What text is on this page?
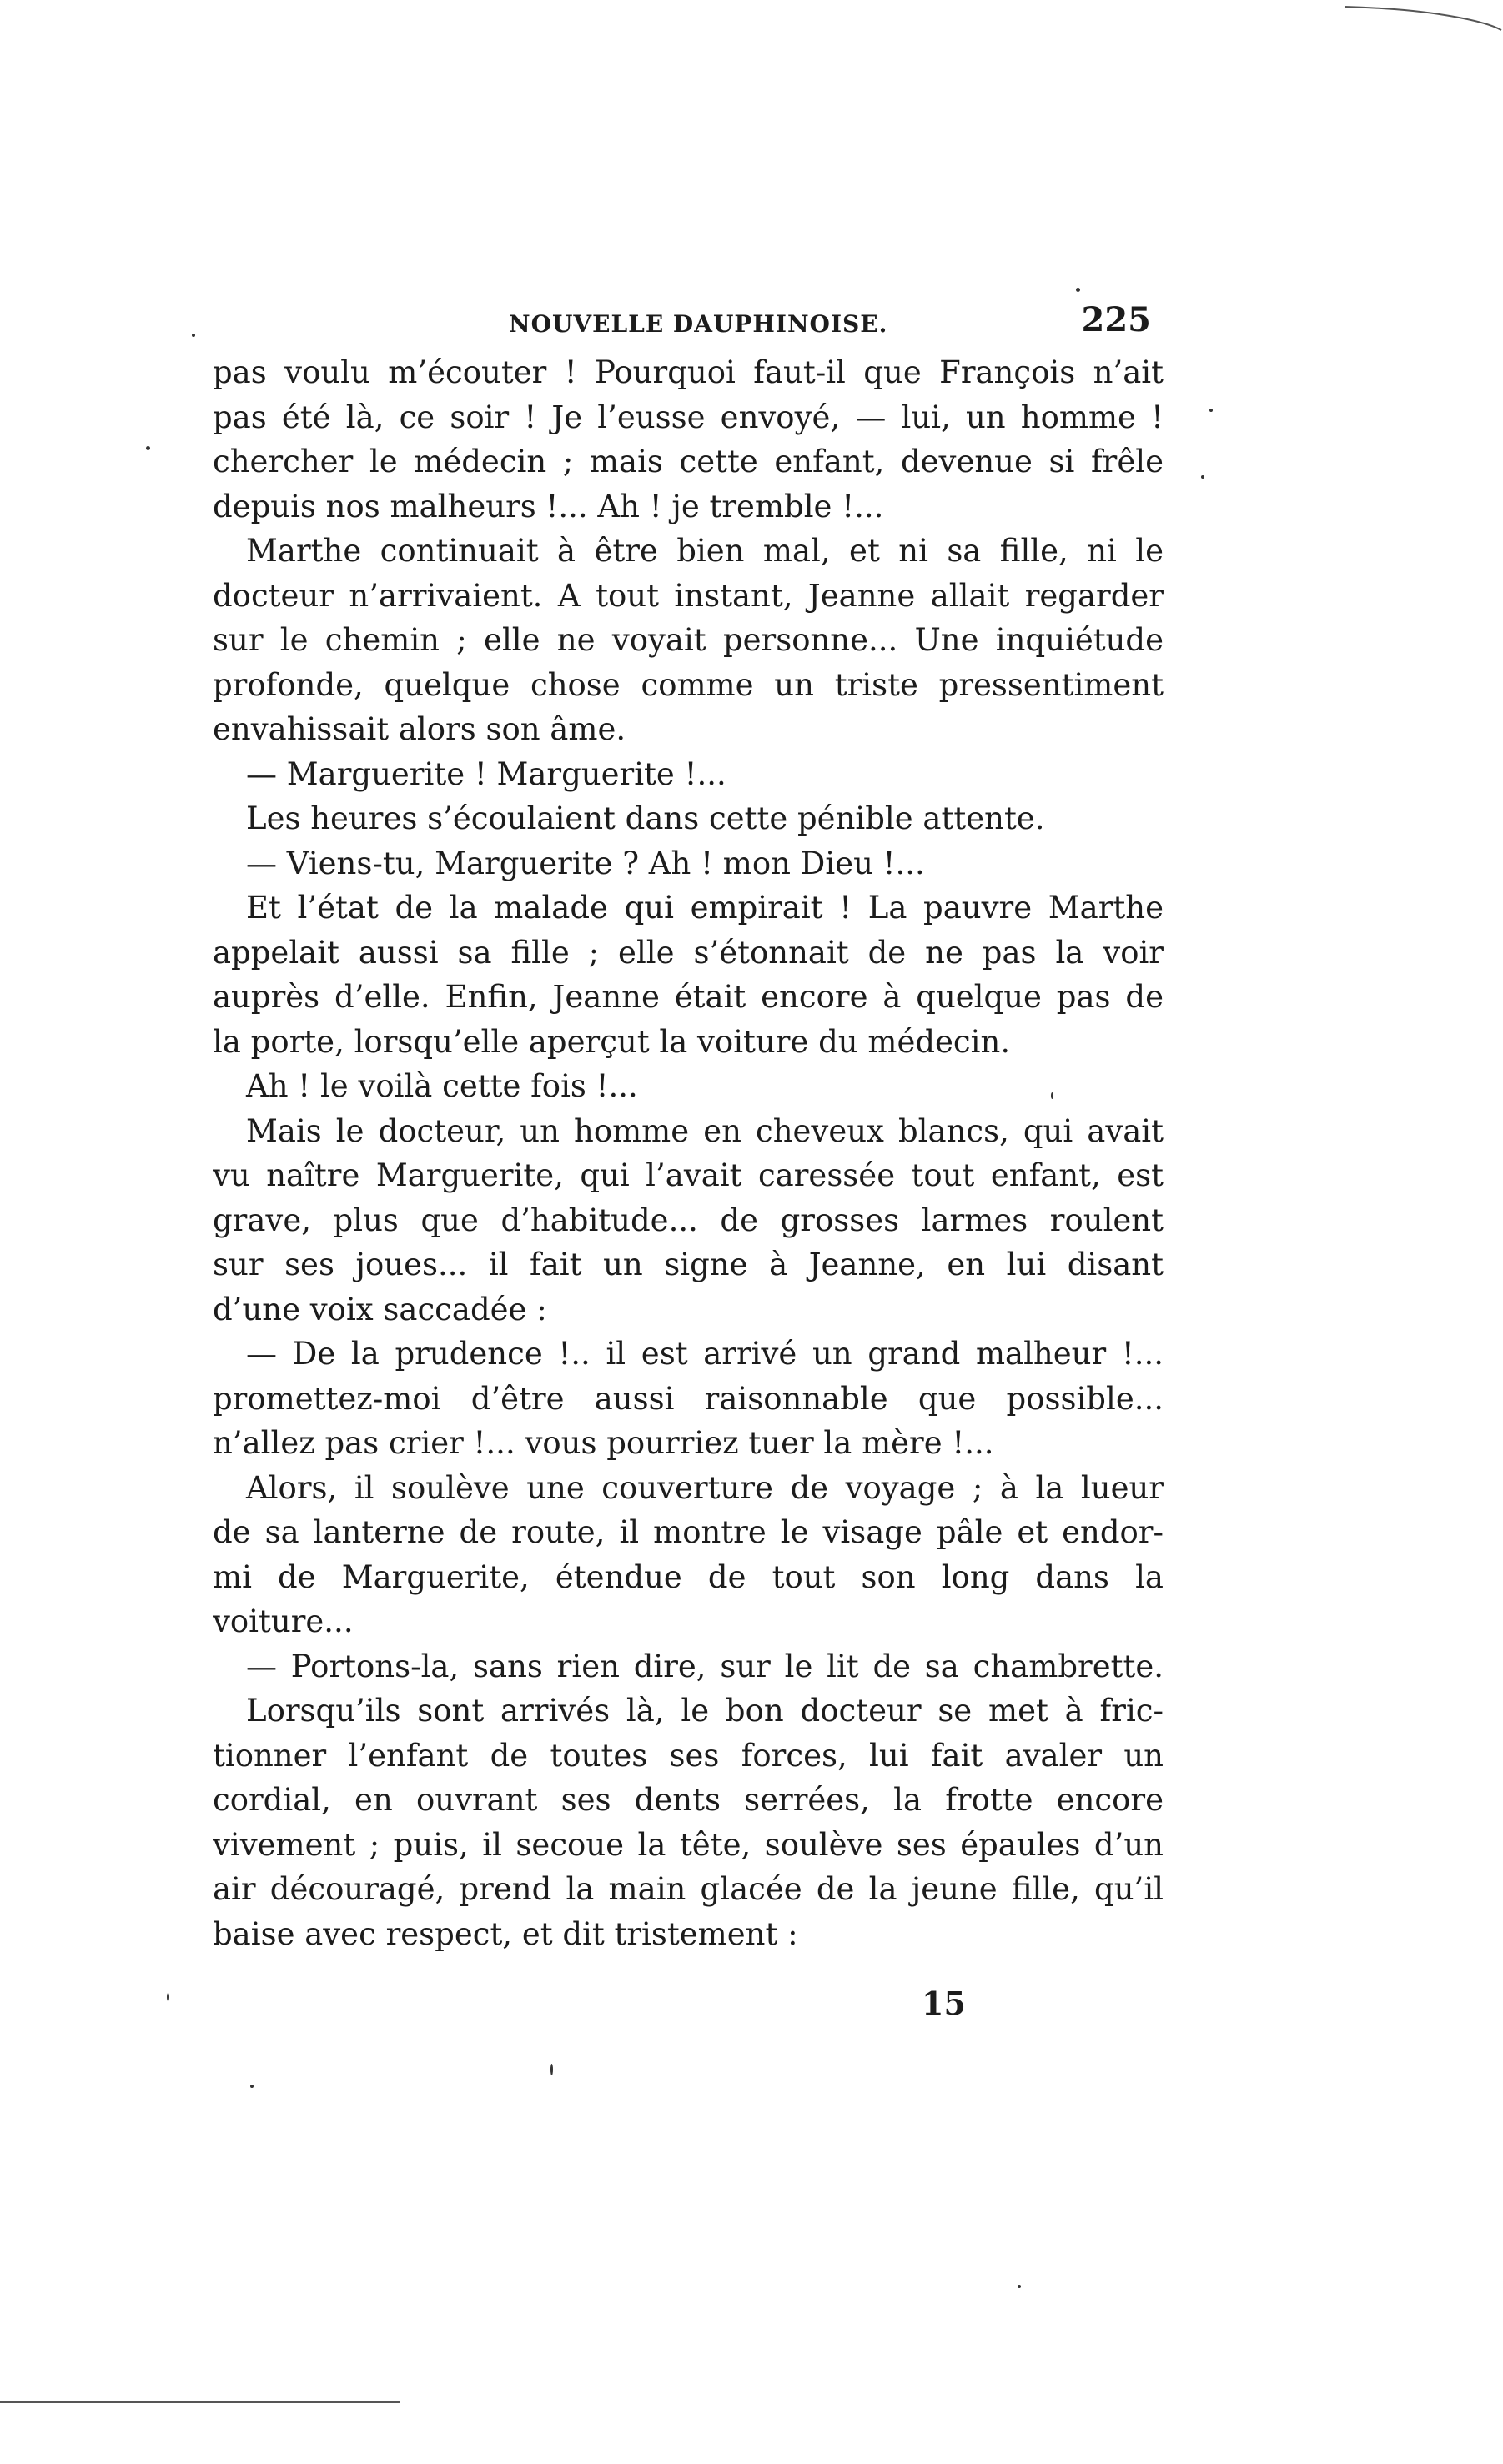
NOUVELLE DAUPHINOISE.	225
pas voulu m’écouter ! Pourquoi faut-il que François n’ait
pas été là, ce soir ! Je l’eusse envoyé, — lui, un homme !
chercher le médecin ; mais cette enfant, devenue si frêle
depuis nos malheurs !... Ah ! je tremble !...
Marthe continuait à être bien mal, et ni sa fille, ni le
docteur n’arrivaient. A tout instant, Jeanne allait regarder
sur le chemin ; elle ne voyait personne... Une inquiétude
profonde, quelque chose comme un triste pressentiment
envahissait alors son âme.
— Marguerite ! Marguerite !...
Les heures s’écoulaient dans cette pénible attente.
— Viens-tu, Marguerite ? Ah ! mon Dieu !...
Et l’état de la malade qui empirait ! La pauvre Marthe
appelait aussi sa fille ; elle s’étonnait de ne pas la voir
auprès d’elle. Enfin, Jeanne était encore à quelque pas de
la porte, lorsqu’elle aperçut la voiture du médecin.
Ah ! le voilà cette fois !...
Mais le docteur, un homme en cheveux blancs, qui avait
vu naître Marguerite, qui l’avait caressée tout enfant, est
grave, plus que d’habitude... de grosses larmes roulent
sur ses joues... il fait un signe à Jeanne, en lui disant
d’une voix saccadée :
— De la prudence !.. il est arrivé un grand malheur !...
promettez-moi d’être aussi raisonnable que possible...
n’allez pas crier !... vous pourriez tuer la mère !...
Alors, il soulève une couverture de voyage ; à la lueur
de sa lanterne de route, il montre le visage pâle et endor-
mi de Marguerite, étendue de tout son long dans la
voiture...
— Portons-la, sans rien dire, sur le lit de sa chambrette.
Lorsqu’ils sont arrivés là, le bon docteur se met à fric-
tionner l’enfant de toutes ses forces, lui fait avaler un
cordial, en ouvrant ses dents serrées, la frotte encore
vivement ; puis, il secoue la tête, soulève ses épaules d’un
air découragé, prend la main glacée de la jeune fille, qu’il
baise avec respect, et dit tristement :
15
